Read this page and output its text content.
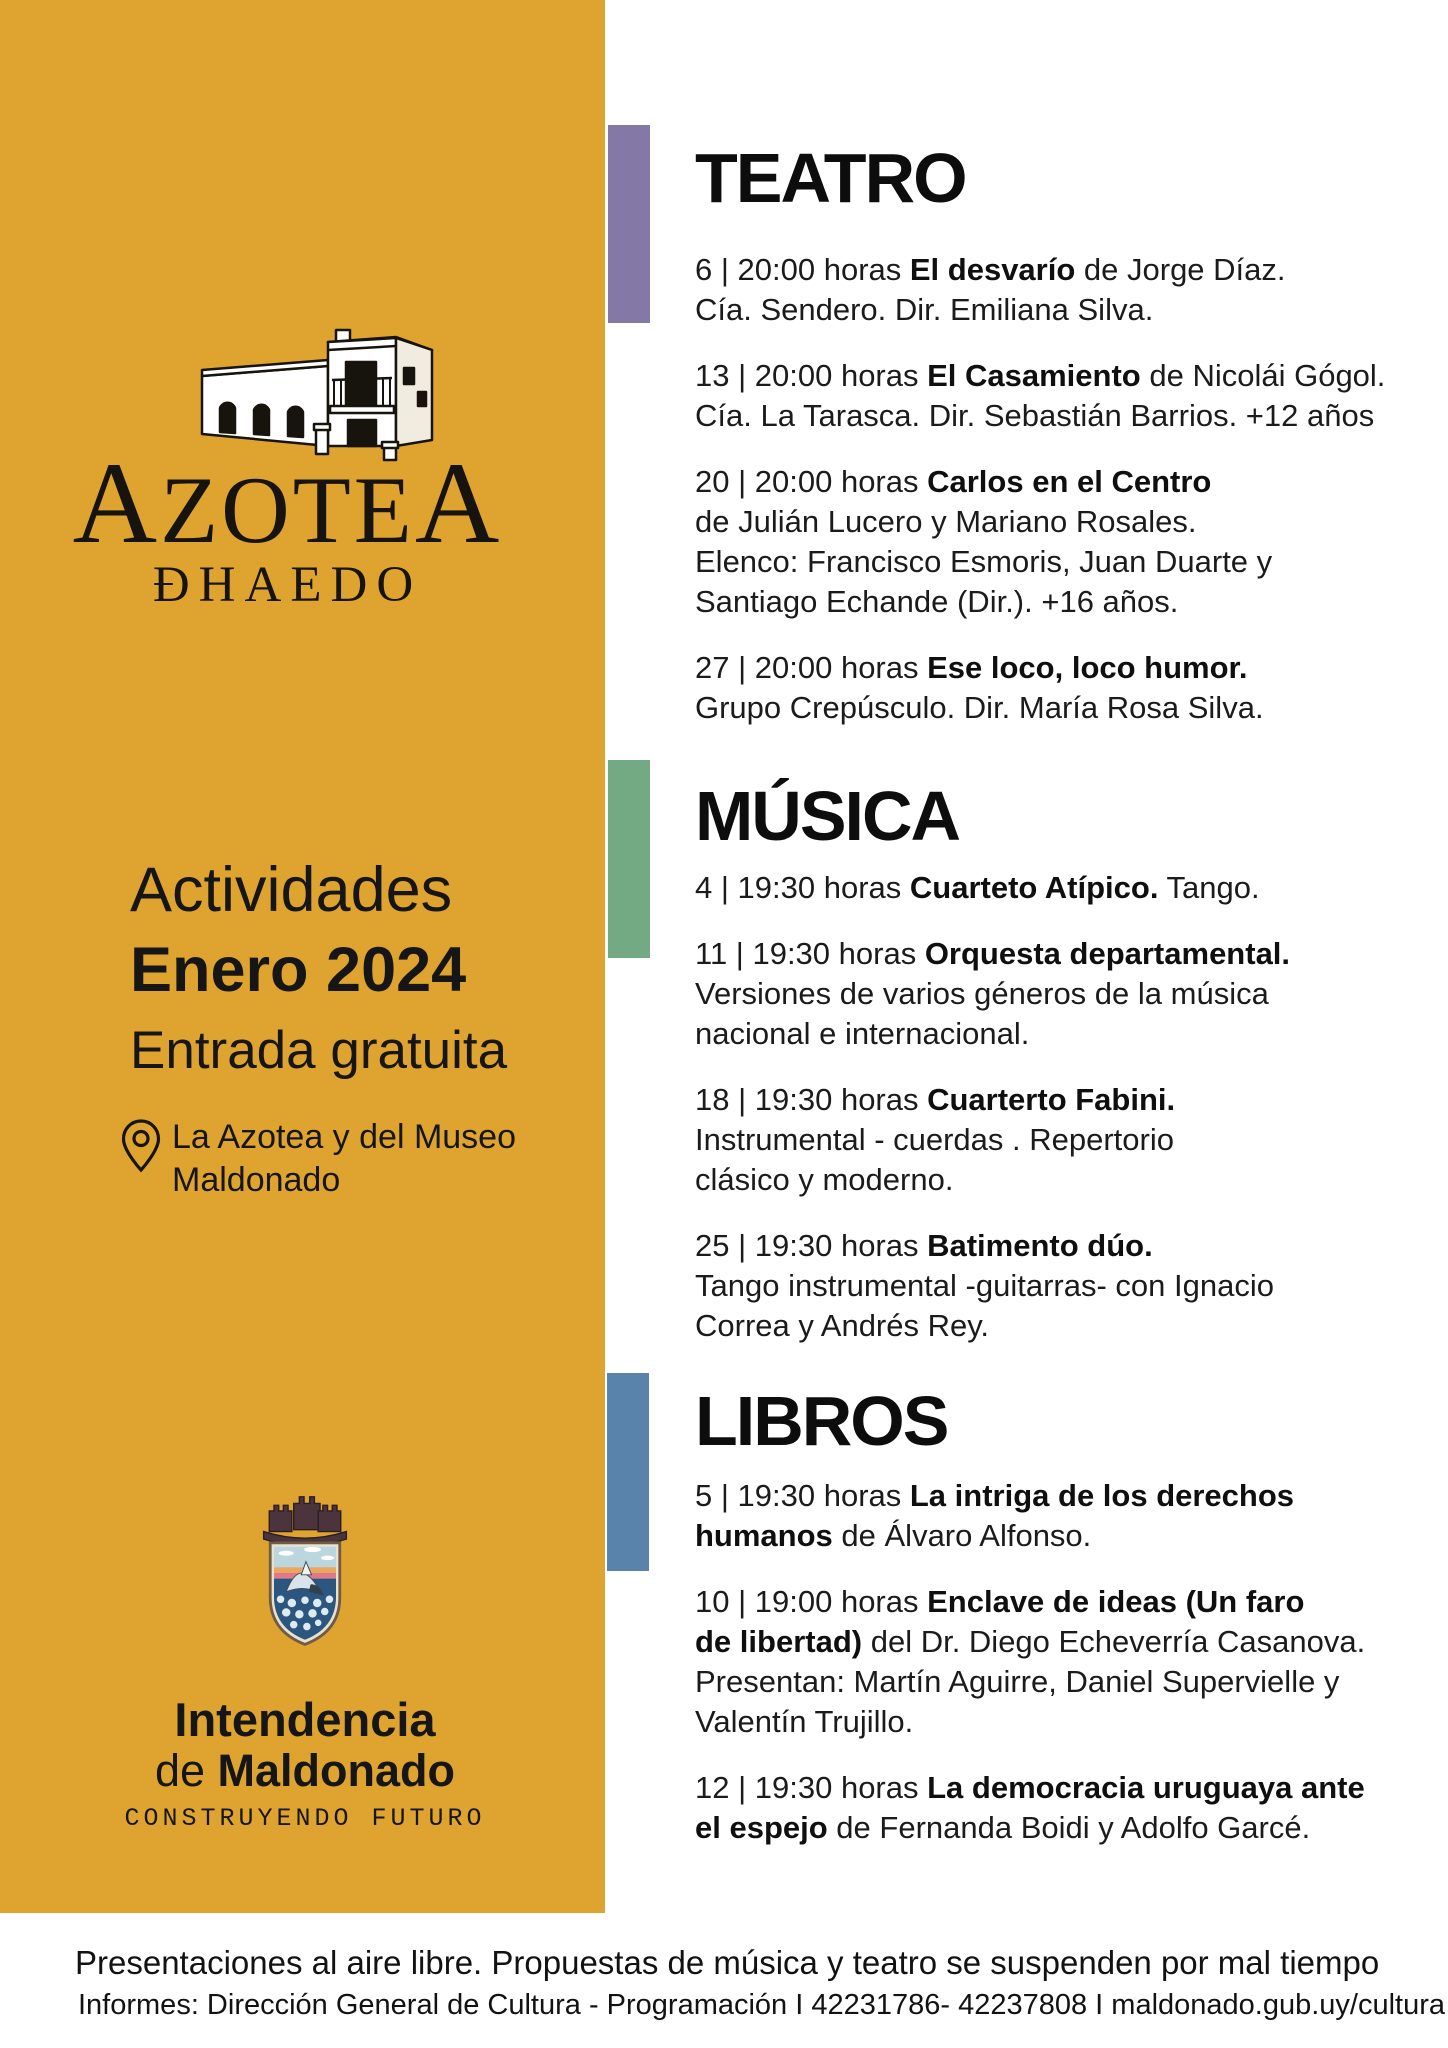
AZOTEA
ÐHAEDO
Actividades
Enero 2024
Entrada gratuita
La Azotea y del Museo
Maldonado
Intendencia
de Maldonado
CONSTRUYENDO FUTURO
TEATRO
6 | 20:00 horas El desvarío de Jorge Díaz.
Cía. Sendero. Dir. Emiliana Silva.
13 | 20:00 horas El Casamiento de Nicolái Gógol.
Cía. La Tarasca. Dir. Sebastián Barrios. +12 años
20 | 20:00 horas Carlos en el Centro
de Julián Lucero y Mariano Rosales.
Elenco: Francisco Esmoris, Juan Duarte y
Santiago Echande (Dir.). +16 años.
27 | 20:00 horas Ese loco, loco humor.
Grupo Crepúsculo. Dir. María Rosa Silva.
MÚSICA
4 | 19:30 horas Cuarteto Atípico. Tango.
11 | 19:30 horas Orquesta departamental.
Versiones de varios géneros de la música
nacional e internacional.
18 | 19:30 horas Cuarterto Fabini.
Instrumental - cuerdas . Repertorio
clásico y moderno.
25 | 19:30 horas Batimento dúo.
Tango instrumental -guitarras- con Ignacio
Correa y Andrés Rey.
LIBROS
5 | 19:30 horas La intriga de los derechos
humanos de Álvaro Alfonso.
10 | 19:00 horas Enclave de ideas (Un faro
de libertad) del Dr. Diego Echeverría Casanova.
Presentan: Martín Aguirre, Daniel Supervielle y
Valentín Trujillo.
12 | 19:30 horas La democracia uruguaya ante
el espejo de Fernanda Boidi y Adolfo Garcé.
Presentaciones al aire libre. Propuestas de música y teatro se suspenden por mal tiempo
Informes: Dirección General de Cultura - Programación I 42231786- 42237808 I maldonado.gub.uy/cultura
